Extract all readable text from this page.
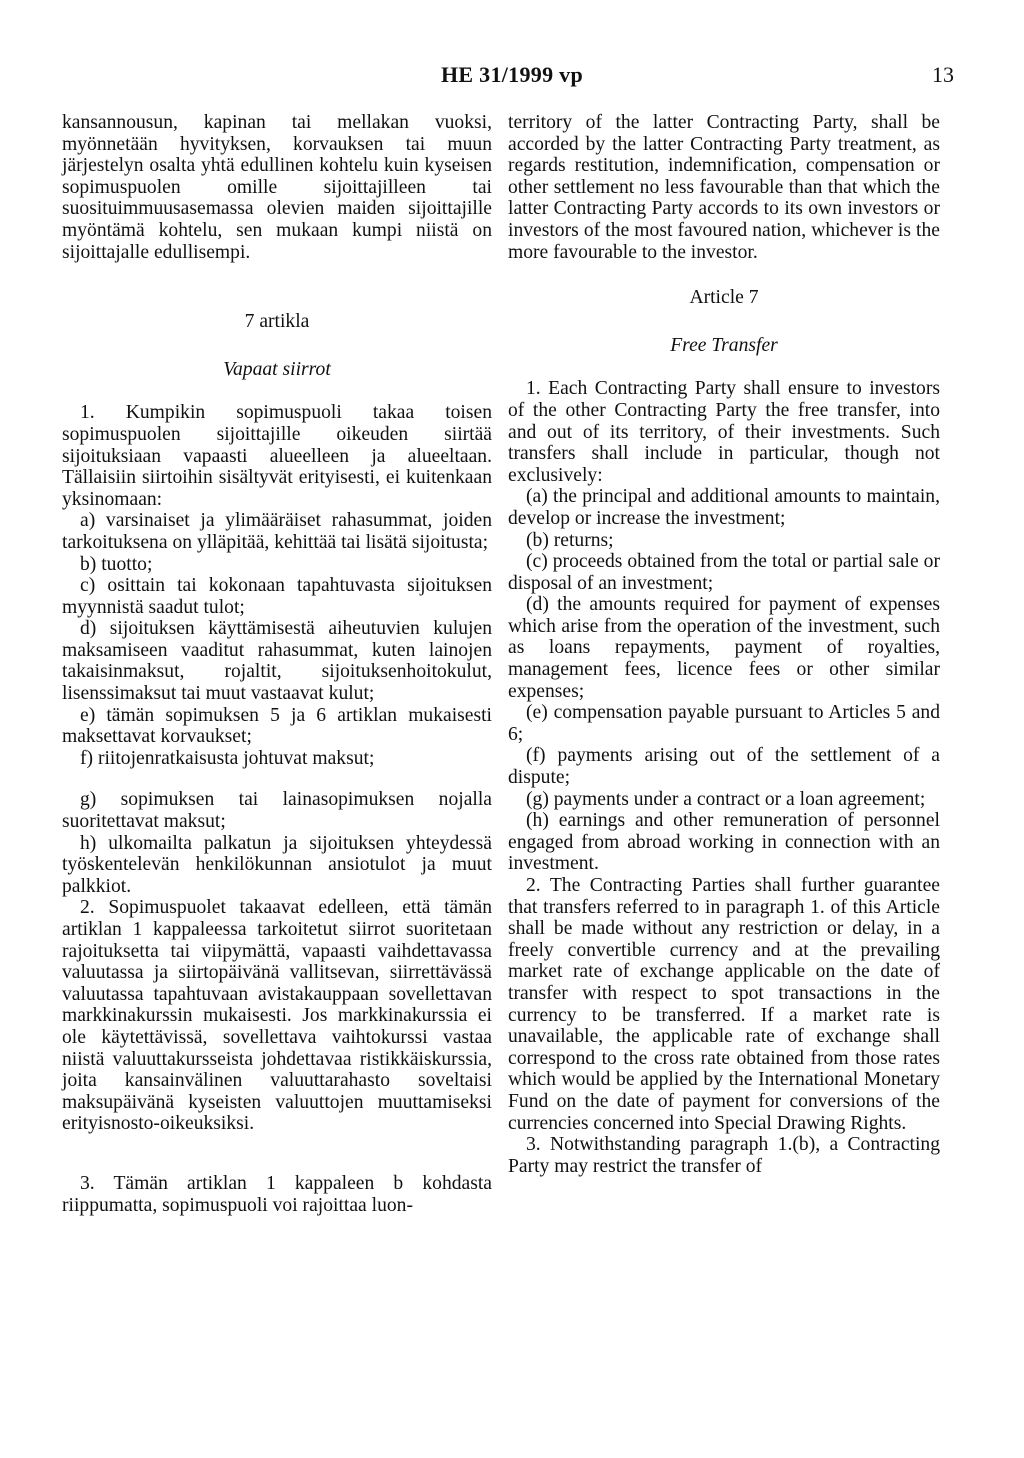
HE 31/1999 vp	13

kansannousun, kapinan tai mellakan vuoksi, myönnetään hyvityksen, korvauksen tai muun järjestelyn osalta yhtä edullinen kohtelu kuin kyseisen sopimuspuolen omille sijoittajilleen tai suosituimmuusasemassa olevien maiden sijoittajille myöntämä kohtelu, sen mukaan kumpi niistä on sijoittajalle edullisempi.

7 artikla

Vapaat siirrot

1. Kumpikin sopimuspuoli takaa toisen sopimuspuolen sijoittajille oikeuden siirtää sijoituksiaan vapaasti alueelleen ja alueeltaan. Tällaisiin siirtoihin sisältyvät erityisesti, ei kuitenkaan yksinomaan:

a) varsinaiset ja ylimääräiset rahasummat, joiden tarkoituksena on ylläpitää, kehittää tai lisätä sijoitusta;

b) tuotto;

c) osittain tai kokonaan tapahtuvasta sijoituksen myynnistä saadut tulot;

d) sijoituksen käyttämisestä aiheutuvien kulujen maksamiseen vaaditut rahasummat, kuten lainojen takaisinmaksut, rojaltit, sijoituksenhoitokulut, lisenssimaksut tai muut vastaavat kulut;

e) tämän sopimuksen 5 ja 6 artiklan mukaisesti maksettavat korvaukset;

f) riitojenratkaisusta johtuvat maksut;

g) sopimuksen tai lainasopimuksen nojalla suoritettavat maksut;

h) ulkomailta palkatun ja sijoituksen yhteydessä työskentelevän henkilökunnan ansiotulot ja muut palkkiot.

2. Sopimuspuolet takaavat edelleen, että tämän artiklan 1 kappaleessa tarkoitetut siirrot suoritetaan rajoituksetta tai viipymättä, vapaasti vaihdettavassa valuutassa ja siirtopäivänä vallitsevan, siirrettävässä valuutassa tapahtuvaan avistakauppaan sovellettavan markkinakurssin mukaisesti. Jos markkinakurssia ei ole käytettävissä, sovellettava vaihtokurssi vastaa niistä valuuttakursseista johdettavaa ristikkäiskurssia, joita kansainvälinen valuuttarahasto soveltaisi maksupäivänä kyseisten valuuttojen muuttamiseksi erityisnosto-oikeuksiksi.

3. Tämän artiklan 1 kappaleen b kohdasta riippumatta, sopimuspuoli voi rajoittaa luon-

territory of the latter Contracting Party, shall be accorded by the latter Contracting Party treatment, as regards restitution, indemnification, compensation or other settlement no less favourable than that which the latter Contracting Party accords to its own investors or investors of the most favoured nation, whichever is the more favourable to the investor.

Article 7

Free Transfer

1. Each Contracting Party shall ensure to investors of the other Contracting Party the free transfer, into and out of its territory, of their investments. Such transfers shall include in particular, though not exclusively:

(a) the principal and additional amounts to maintain, develop or increase the investment;

(b) returns;

(c) proceeds obtained from the total or partial sale or disposal of an investment;

(d) the amounts required for payment of expenses which arise from the operation of the investment, such as loans repayments, payment of royalties, management fees, licence fees or other similar expenses;

(e) compensation payable pursuant to Articles 5 and 6;

(f) payments arising out of the settlement of a dispute;

(g) payments under a contract or a loan agreement;

(h) earnings and other remuneration of personnel engaged from abroad working in connection with an investment.

2. The Contracting Parties shall further guarantee that transfers referred to in paragraph 1. of this Article shall be made without any restriction or delay, in a freely convertible currency and at the prevailing market rate of exchange applicable on the date of transfer with respect to spot transactions in the currency to be transferred. If a market rate is unavailable, the applicable rate of exchange shall correspond to the cross rate obtained from those rates which would be applied by the International Monetary Fund on the date of payment for conversions of the currencies concerned into Special Drawing Rights.

3. Notwithstanding paragraph 1.(b), a Contracting Party may restrict the transfer of
